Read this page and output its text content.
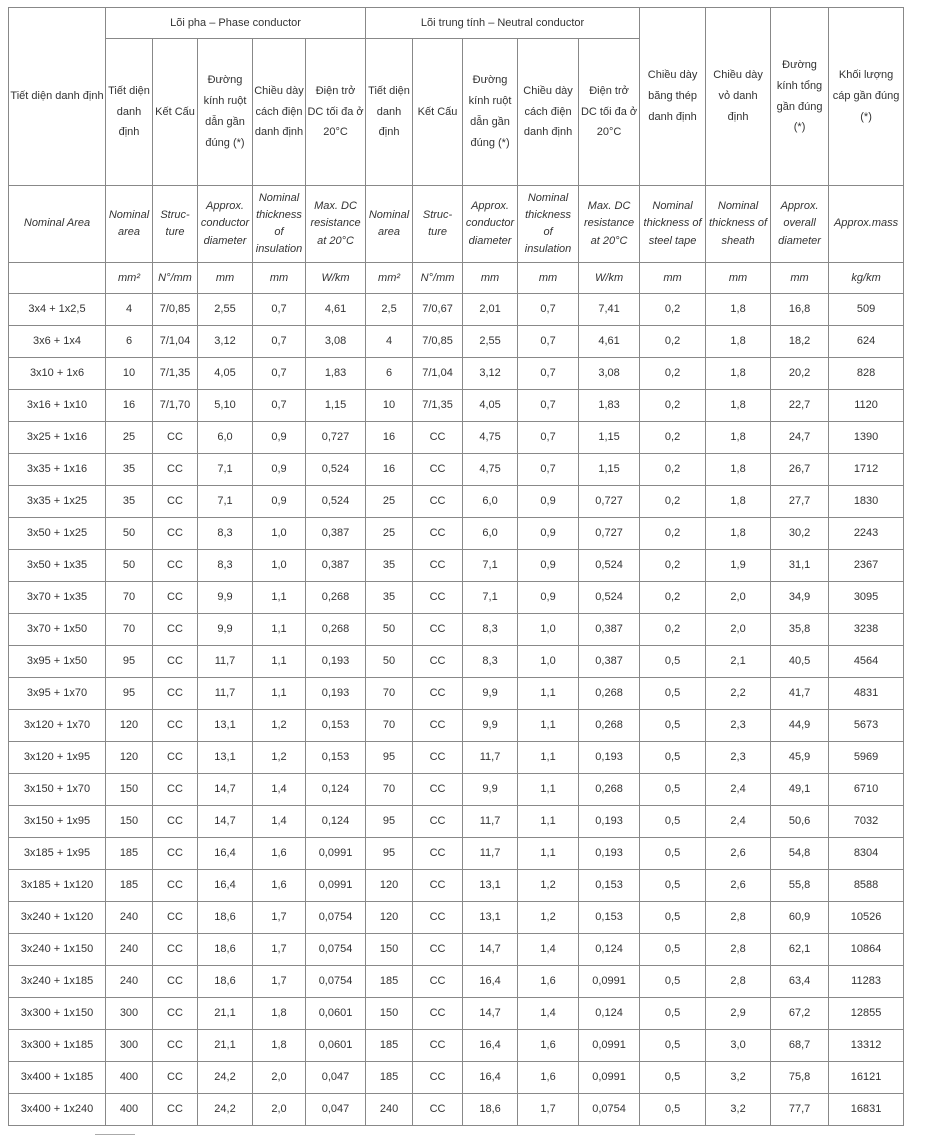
Tiết diện danh định	Lõi pha – Phase conductor					Lõi trung tính – Neutral conductor					Chiều dày băng thép danh định	Chiều dày vỏ danh định	Đường kính tổng gần đúng (*)	Khối lượng cáp gần đúng (*)
	Tiết diện danh định	Kết Cấu	Đường kính ruột dẫn gần đúng (*)	Chiều dày cách điện danh định	Điện trở DC tối đa ở 20°C	Tiết diện danh định	Kết Cấu	Đường kính ruột dẫn gần đúng (*)	Chiều dày cách điện danh định	Điện trở DC tối đa ở 20°C				
Nominal Area	Nominal area	Struc-ture	Approx. conductor diameter	Nominal thickness of insulation	Max. DC resistance at 20°C	Nominal area	Struc-ture	Approx. conductor diameter	Nominal thickness of insulation	Max. DC resistance at 20°C	Nominal thickness of steel tape	Nominal thickness of sheath	Approx. overall diameter	Approx.mass
	mm²	N°/mm	mm	mm	W/km	mm²	N°/mm	mm	mm	W/km	mm	mm	mm	kg/km
3x4 + 1x2,5	4	7/0,85	2,55	0,7	4,61	2,5	7/0,67	2,01	0,7	7,41	0,2	1,8	16,8	509
3x6 + 1x4	6	7/1,04	3,12	0,7	3,08	4	7/0,85	2,55	0,7	4,61	0,2	1,8	18,2	624
3x10 + 1x6	10	7/1,35	4,05	0,7	1,83	6	7/1,04	3,12	0,7	3,08	0,2	1,8	20,2	828
3x16 + 1x10	16	7/1,70	5,10	0,7	1,15	10	7/1,35	4,05	0,7	1,83	0,2	1,8	22,7	1120
3x25 + 1x16	25	CC	6,0	0,9	0,727	16	CC	4,75	0,7	1,15	0,2	1,8	24,7	1390
3x35 + 1x16	35	CC	7,1	0,9	0,524	16	CC	4,75	0,7	1,15	0,2	1,8	26,7	1712
3x35 + 1x25	35	CC	7,1	0,9	0,524	25	CC	6,0	0,9	0,727	0,2	1,8	27,7	1830
3x50 + 1x25	50	CC	8,3	1,0	0,387	25	CC	6,0	0,9	0,727	0,2	1,8	30,2	2243
3x50 + 1x35	50	CC	8,3	1,0	0,387	35	CC	7,1	0,9	0,524	0,2	1,9	31,1	2367
3x70 + 1x35	70	CC	9,9	1,1	0,268	35	CC	7,1	0,9	0,524	0,2	2,0	34,9	3095
3x70 + 1x50	70	CC	9,9	1,1	0,268	50	CC	8,3	1,0	0,387	0,2	2,0	35,8	3238
3x95 + 1x50	95	CC	11,7	1,1	0,193	50	CC	8,3	1,0	0,387	0,5	2,1	40,5	4564
3x95 + 1x70	95	CC	11,7	1,1	0,193	70	CC	9,9	1,1	0,268	0,5	2,2	41,7	4831
3x120 + 1x70	120	CC	13,1	1,2	0,153	70	CC	9,9	1,1	0,268	0,5	2,3	44,9	5673
3x120 + 1x95	120	CC	13,1	1,2	0,153	95	CC	11,7	1,1	0,193	0,5	2,3	45,9	5969
3x150 + 1x70	150	CC	14,7	1,4	0,124	70	CC	9,9	1,1	0,268	0,5	2,4	49,1	6710
3x150 + 1x95	150	CC	14,7	1,4	0,124	95	CC	11,7	1,1	0,193	0,5	2,4	50,6	7032
3x185 + 1x95	185	CC	16,4	1,6	0,0991	95	CC	11,7	1,1	0,193	0,5	2,6	54,8	8304
3x185 + 1x120	185	CC	16,4	1,6	0,0991	120	CC	13,1	1,2	0,153	0,5	2,6	55,8	8588
3x240 + 1x120	240	CC	18,6	1,7	0,0754	120	CC	13,1	1,2	0,153	0,5	2,8	60,9	10526
3x240 + 1x150	240	CC	18,6	1,7	0,0754	150	CC	14,7	1,4	0,124	0,5	2,8	62,1	10864
3x240 + 1x185	240	CC	18,6	1,7	0,0754	185	CC	16,4	1,6	0,0991	0,5	2,8	63,4	11283
3x300 + 1x150	300	CC	21,1	1,8	0,0601	150	CC	14,7	1,4	0,124	0,5	2,9	67,2	12855
3x300 + 1x185	300	CC	21,1	1,8	0,0601	185	CC	16,4	1,6	0,0991	0,5	3,0	68,7	13312
3x400 + 1x185	400	CC	24,2	2,0	0,047	185	CC	16,4	1,6	0,0991	0,5	3,2	75,8	16121
3x400 + 1x240	400	CC	24,2	2,0	0,047	240	CC	18,6	1,7	0,0754	0,5	3,2	77,7	16831
